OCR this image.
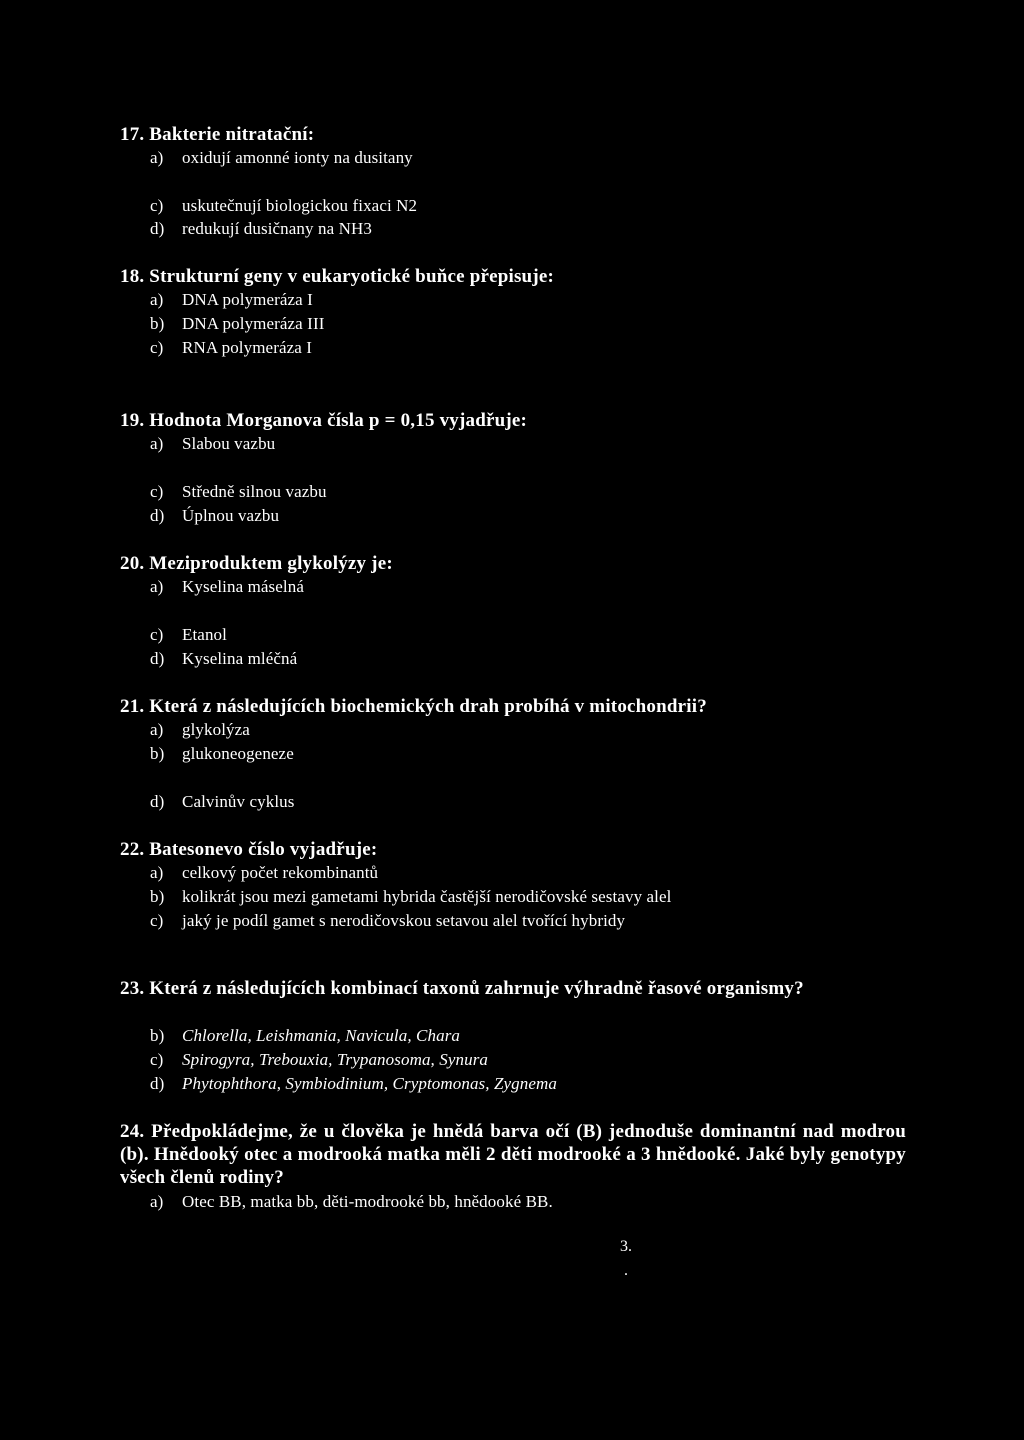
17. Bakterie nitratační:
a) oxidují amonné ionty na dusitany
c) uskutečnují biologickou fixaci N2
d) redukují dusičnany na NH3
18. Strukturní geny v eukaryotické buňce přepisuje:
a) DNA polymeráza I
b) DNA polymeráza III
c) RNA polymeráza I
19. Hodnota Morganova čísla p = 0,15 vyjadřuje:
a) Slabou vazbu
c) Středně silnou vazbu
d) Úplnou vazbu
20. Meziproduktem glykolýzy je:
a) Kyselina máselná
c) Etanol
d) Kyselina mléčná
21. Která z následujících biochemických drah probíhá v mitochondrii?
a) glykolýza
b) glukoneogeneze
d) Calvinův cyklus
22. Batesonevo číslo vyjadřuje:
a) celkový počet rekombinantů
b) kolikrát jsou mezi gametami hybrida častější nerodičovské sestavy alel
c) jaký je podíl gamet s nerodičovskou setavou alel tvořící hybridy
23. Která z následujících kombinací taxonů zahrnuje výhradně řasové organismy?
b) Chlorella, Leishmania, Navicula, Chara
c) Spirogyra, Trebouxia, Trypanosoma, Synura
d) Phytophthora, Symbiodinium, Cryptomonas, Zygnema
24. Předpokládejme, že u člověka je hnědá barva očí (B) jednoduše dominantní nad modrou (b). Hnědooký otec a modrooká matka měli 2 děti modrooké a 3 hnědooké. Jaké byly genotypy všech členů rodiny?
a) Otec BB, matka bb, děti-modrooké bb, hnědooké BB.
3.
.
